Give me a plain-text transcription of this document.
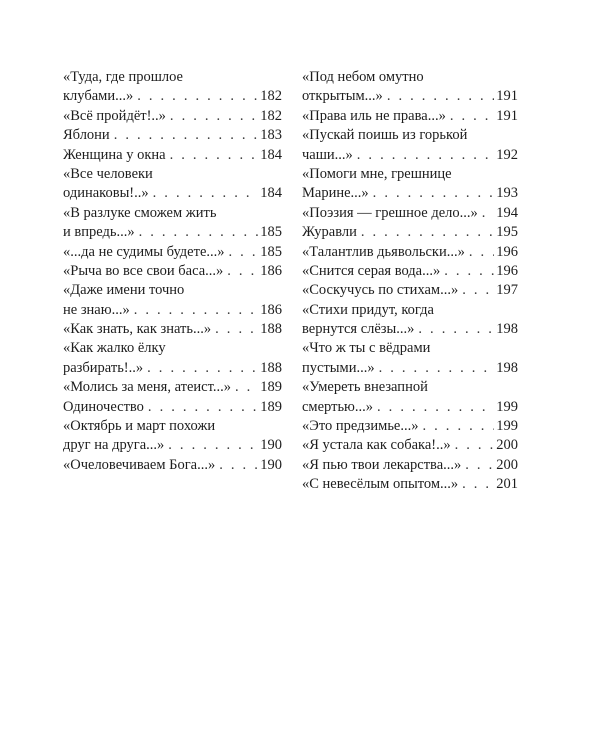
«Туда, где прошлое
клубами...» . . .	182
«Всё пройдёт!..» . . .	182
Яблони . . .	183
Женщина у окна . . .	184
«Все человеки
одинаковы!..» . . .	184
«В разлуке сможем жить
и впредь...» . . .	185
«...да не судимы будете...» . . . 185
«Рыча во все свои баса...» . . .	186
«Даже имени точно
не знаю...» . . .	186
«Как знать, как знать...» . . .	188
«Как жалко ёлку
разбирать!..» . . .	188
«Молись за меня, атеист...» . . . 189
Одиночество . . .	189
«Октябрь и март похожи
друг на друга...» . . .	190
«Очеловечиваем Бога...» . . .	190
«Под небом омутно
открытым...» . . .	191
«Права иль не права...» . . .	191
«Пускай поишь из горькой
чаши...» . . .	192
«Помоги мне, грешнице
Марине...» . . .	193
«Поэзия — грешное дело...» . . . 194
Журавли . . .	195
«Талантлив дьявольски...» . . . 196
«Снится серая вода...» . . .	196
«Соскучусь по стихам...» . . .	197
«Стихи придут, когда
вернутся слёзы...» . . .	198
«Что ж ты с вёдрами
пустыми...» . . .	198
«Умереть внезапной
смертью...» . . .	199
«Это предзимье...» . . .	199
«Я устала как собака!..» . . .	200
«Я пью твои лекарства...» . . . 200
«С невесёлым опытом...» . . .	201
